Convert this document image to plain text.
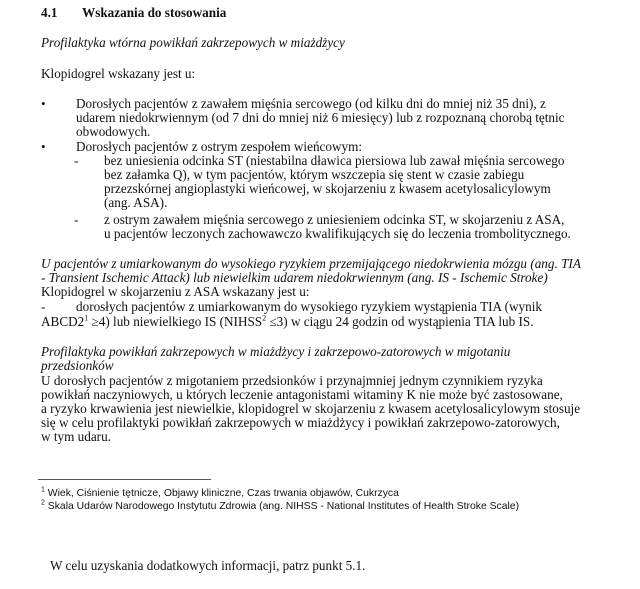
4.1 Wskazania do stosowania
Profilaktyka wtórna powikłań zakrzepowych w miażdżycy
Klopidogrel wskazany jest u:
• Dorosłych pacjentów z zawałem mięśnia sercowego (od kilku dni do mniej niż 35 dni), z
udarem niedokrwiennym (od 7 dni do mniej niż 6 miesięcy) lub z rozpoznaną chorobą tętnic
obwodowych.
• Dorosłych pacjentów z ostrym zespołem wieńcowym:
- bez uniesienia odcinka ST (niestabilna dławica piersiowa lub zawał mięśnia sercowego
bez załamka Q), w tym pacjentów, którym wszczepia się stent w czasie zabiegu
przezskórnej angioplastyki wieńcowej, w skojarzeniu z kwasem acetylosalicylowym
(ang. ASA).
- z ostrym zawałem mięśnia sercowego z uniesieniem odcinka ST, w skojarzeniu z ASA,
u pacjentów leczonych zachowawczo kwalifikujących się do leczenia trombolitycznego.
U pacjentów z umiarkowanym do wysokiego ryzykiem przemijającego niedokrwienia mózgu (ang. TIA
- Transient Ischemic Attack) lub niewielkim udarem niedokrwiennym (ang. IS - Ischemic Stroke)
Klopidogrel w skojarzeniu z ASA wskazany jest u:
- dorosłych pacjentów z umiarkowanym do wysokiego ryzykiem wystąpienia TIA (wynik
$ABCD2^1 \ge 4$) lub niewielkiego IS $(NIHSS^2 \le 3)$ w ciągu 24 godzin od wystąpienia TIA lub IS.
Profilaktyka powikłań zakrzepowych w miażdżycy i zakrzepowo-zatorowych w migotaniu
przedsionków
U dorosłych pacjentów z migotaniem przedsionków i przynajmniej jednym czynnikiem ryzyka
powikłań naczyniowych, u których leczenie antagonistami witaminy K nie może być zastosowane,
a ryzyko krwawienia jest niewielkie, klopidogrel w skojarzeniu z kwasem acetylosalicylowym stosuje
się w celu profilaktyki powikłań zakrzepowych w miażdżycy i powikłań zakrzepowo-zatorowych,
w tym udaru.
$^1$ Wiek, Ciśnienie tętnicze, Objawy kliniczne, Czas trwania objawów, Cukrzyca
$^2$ Skala Udarów Narodowego Instytutu Zdrowia (ang. NIHSS - National Institutes of Health Stroke Scale)
W celu uzyskania dodatkowych informacji, patrz punkt 5.1.
